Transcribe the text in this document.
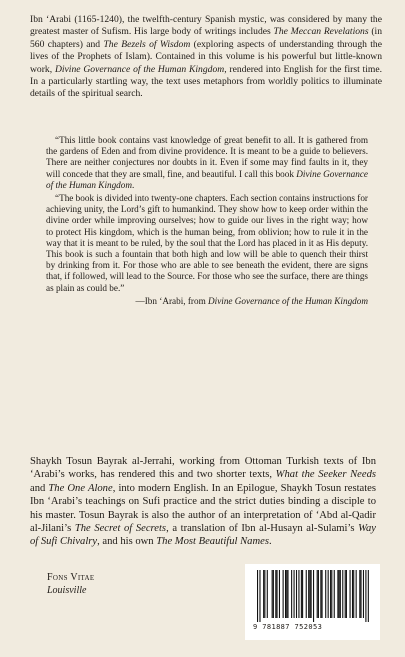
Ibn ‘Arabi (1165-1240), the twelfth-century Spanish mystic, was considered by many the greatest master of Sufism. His large body of writings includes The Meccan Revelations (in 560 chapters) and The Bezels of Wisdom (exploring aspects of understanding through the lives of the Prophets of Islam). Contained in this volume is his powerful but little-known work, Divine Governance of the Human Kingdom, rendered into English for the first time. In a particularly startling way, the text uses metaphors from worldly politics to illuminate details of the spiritual search.

“This little book contains vast knowledge of great benefit to all. It is gathered from the gardens of Eden and from divine providence. It is meant to be a guide to believers. There are neither conjectures nor doubts in it. Even if some may find faults in it, they will concede that they are small, fine, and beautiful. I call this book Divine Governance of the Human Kingdom.

“The book is divided into twenty-one chapters. Each section contains instructions for achieving unity, the Lord’s gift to humankind. They show how to keep order within the divine order while improving ourselves; how to guide our lives in the right way; how to protect His kingdom, which is the human being, from oblivion; how to rule it in the way that it is meant to be ruled, by the soul that the Lord has placed in it as His deputy. This book is such a fountain that both high and low will be able to quench their thirst by drinking from it. For those who are able to see beneath the evident, there are signs that, if followed, will lead to the Source. For those who see the surface, there are things as plain as could be.”

—Ibn ‘Arabi, from Divine Governance of the Human Kingdom

Shaykh Tosun Bayrak al-Jerrahi, working from Ottoman Turkish texts of Ibn ‘Arabi’s works, has rendered this and two shorter texts, What the Seeker Needs and The One Alone, into modern English. In an Epilogue, Shaykh Tosun restates Ibn ‘Arabi’s teachings on Sufi practice and the strict duties binding a disciple to his master. Tosun Bayrak is also the author of an interpretation of ‘Abd al-Qadir al-Jilani’s The Secret of Secrets, a translation of Ibn al-Husayn al-Sulami’s Way of Sufi Chivalry, and his own The Most Beautiful Names.

Fons Vitae
Louisville
9 781887 752053
